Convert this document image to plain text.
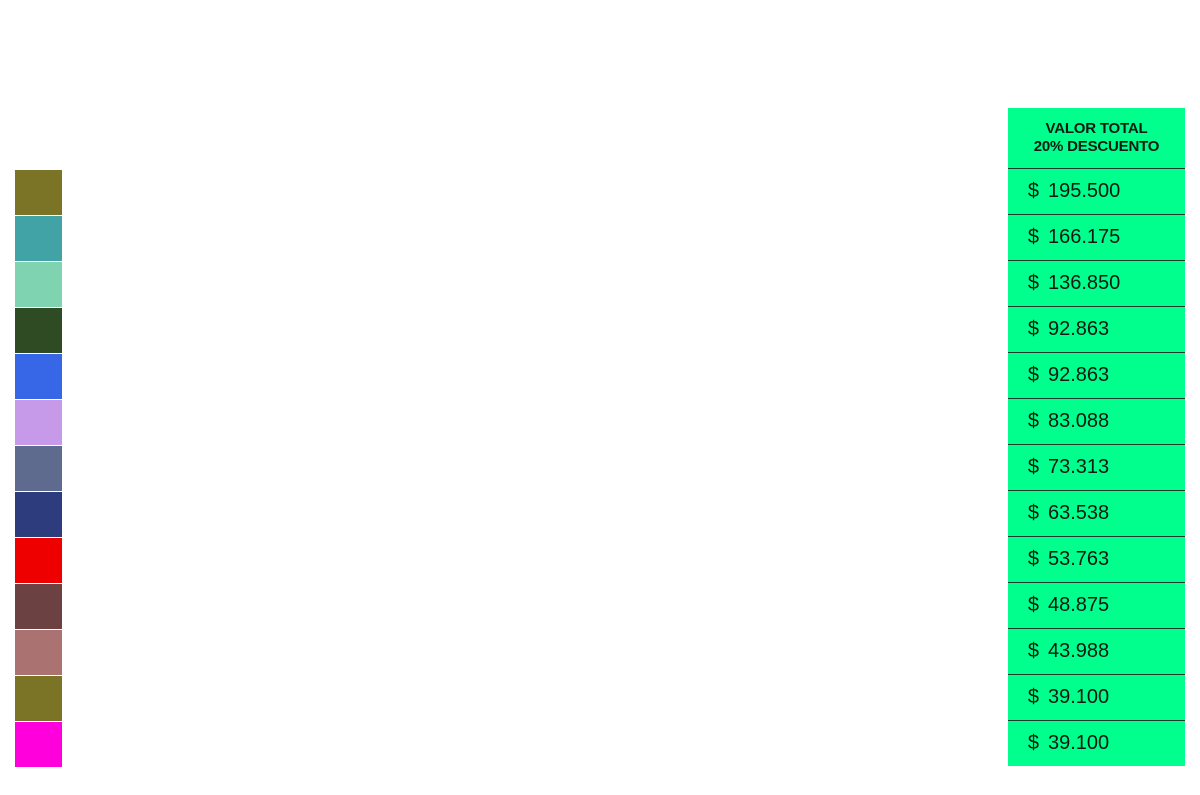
VALOR TOTAL
20% DESCUENTO
$ 195.500
$ 166.175
$ 136.850
$ 92.863
$ 92.863
$ 83.088
$ 73.313
$ 63.538
$ 53.763
$ 48.875
$ 43.988
$ 39.100
$ 39.100
